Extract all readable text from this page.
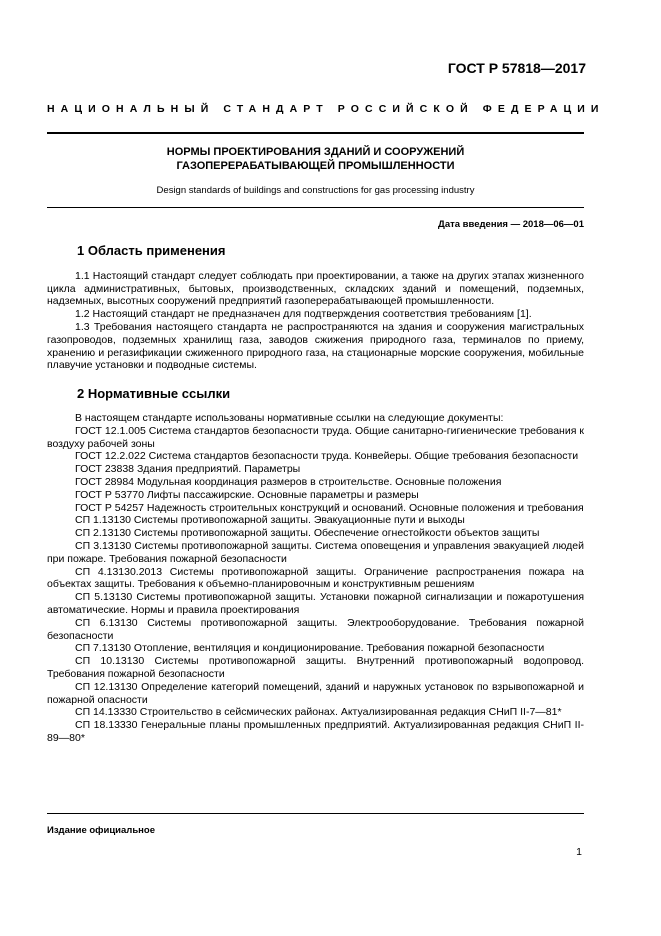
ГОСТ Р 57818—2017
НАЦИОНАЛЬНЫЙ СТАНДАРТ РОССИЙСКОЙ ФЕДЕРАЦИИ
НОРМЫ ПРОЕКТИРОВАНИЯ ЗДАНИЙ И СООРУЖЕНИЙ
ГАЗОПЕРЕРАБАТЫВАЮЩЕЙ ПРОМЫШЛЕННОСТИ
Design standards of buildings and constructions for gas processing industry
Дата введения — 2018—06—01
1 Область применения

1.1 Настоящий стандарт следует соблюдать при проектировании, а также на других этапах жизненного цикла административных, бытовых, производственных, складских зданий и помещений, подземных, надземных, высотных сооружений предприятий газоперерабатывающей промышленности.

1.2 Настоящий стандарт не предназначен для подтверждения соответствия требованиям [1].

1.3 Требования настоящего стандарта не распространяются на здания и сооружения магистральных газопроводов, подземных хранилищ газа, заводов сжижения природного газа, терминалов по приему, хранению и регазификации сжиженного природного газа, на стационарные морские сооружения, мобильные плавучие установки и подводные системы.

2 Нормативные ссылки

В настоящем стандарте использованы нормативные ссылки на следующие документы:

ГОСТ 12.1.005 Система стандартов безопасности труда. Общие санитарно-гигиенические требования к воздуху рабочей зоны

ГОСТ 12.2.022 Система стандартов безопасности труда. Конвейеры. Общие требования безопасности

ГОСТ 23838 Здания предприятий. Параметры

ГОСТ 28984 Модульная координация размеров в строительстве. Основные положения

ГОСТ Р 53770 Лифты пассажирские. Основные параметры и размеры

ГОСТ Р 54257 Надежность строительных конструкций и оснований. Основные положения и требования

СП 1.13130 Системы противопожарной защиты. Эвакуационные пути и выходы

СП 2.13130 Системы противопожарной защиты. Обеспечение огнестойкости объектов защиты

СП 3.13130 Системы противопожарной защиты. Система оповещения и управления эвакуацией людей при пожаре. Требования пожарной безопасности

СП 4.13130.2013 Системы противопожарной защиты. Ограничение распространения пожара на объектах защиты. Требования к объемно-планировочным и конструктивным решениям

СП 5.13130 Системы противопожарной защиты. Установки пожарной сигнализации и пожаротушения автоматические. Нормы и правила проектирования

СП 6.13130 Системы противопожарной защиты. Электрооборудование. Требования пожарной безопасности

СП 7.13130 Отопление, вентиляция и кондиционирование. Требования пожарной безопасности

СП 10.13130 Системы противопожарной защиты. Внутренний противопожарный водопровод. Требования пожарной безопасности

СП 12.13130 Определение категорий помещений, зданий и наружных установок по взрывопожарной и пожарной опасности

СП 14.13330 Строительство в сейсмических районах. Актуализированная редакция СНиП II-7—81*

СП 18.13330 Генеральные планы промышленных предприятий. Актуализированная редакция СНиП II-89—80*

Издание официальное
1
